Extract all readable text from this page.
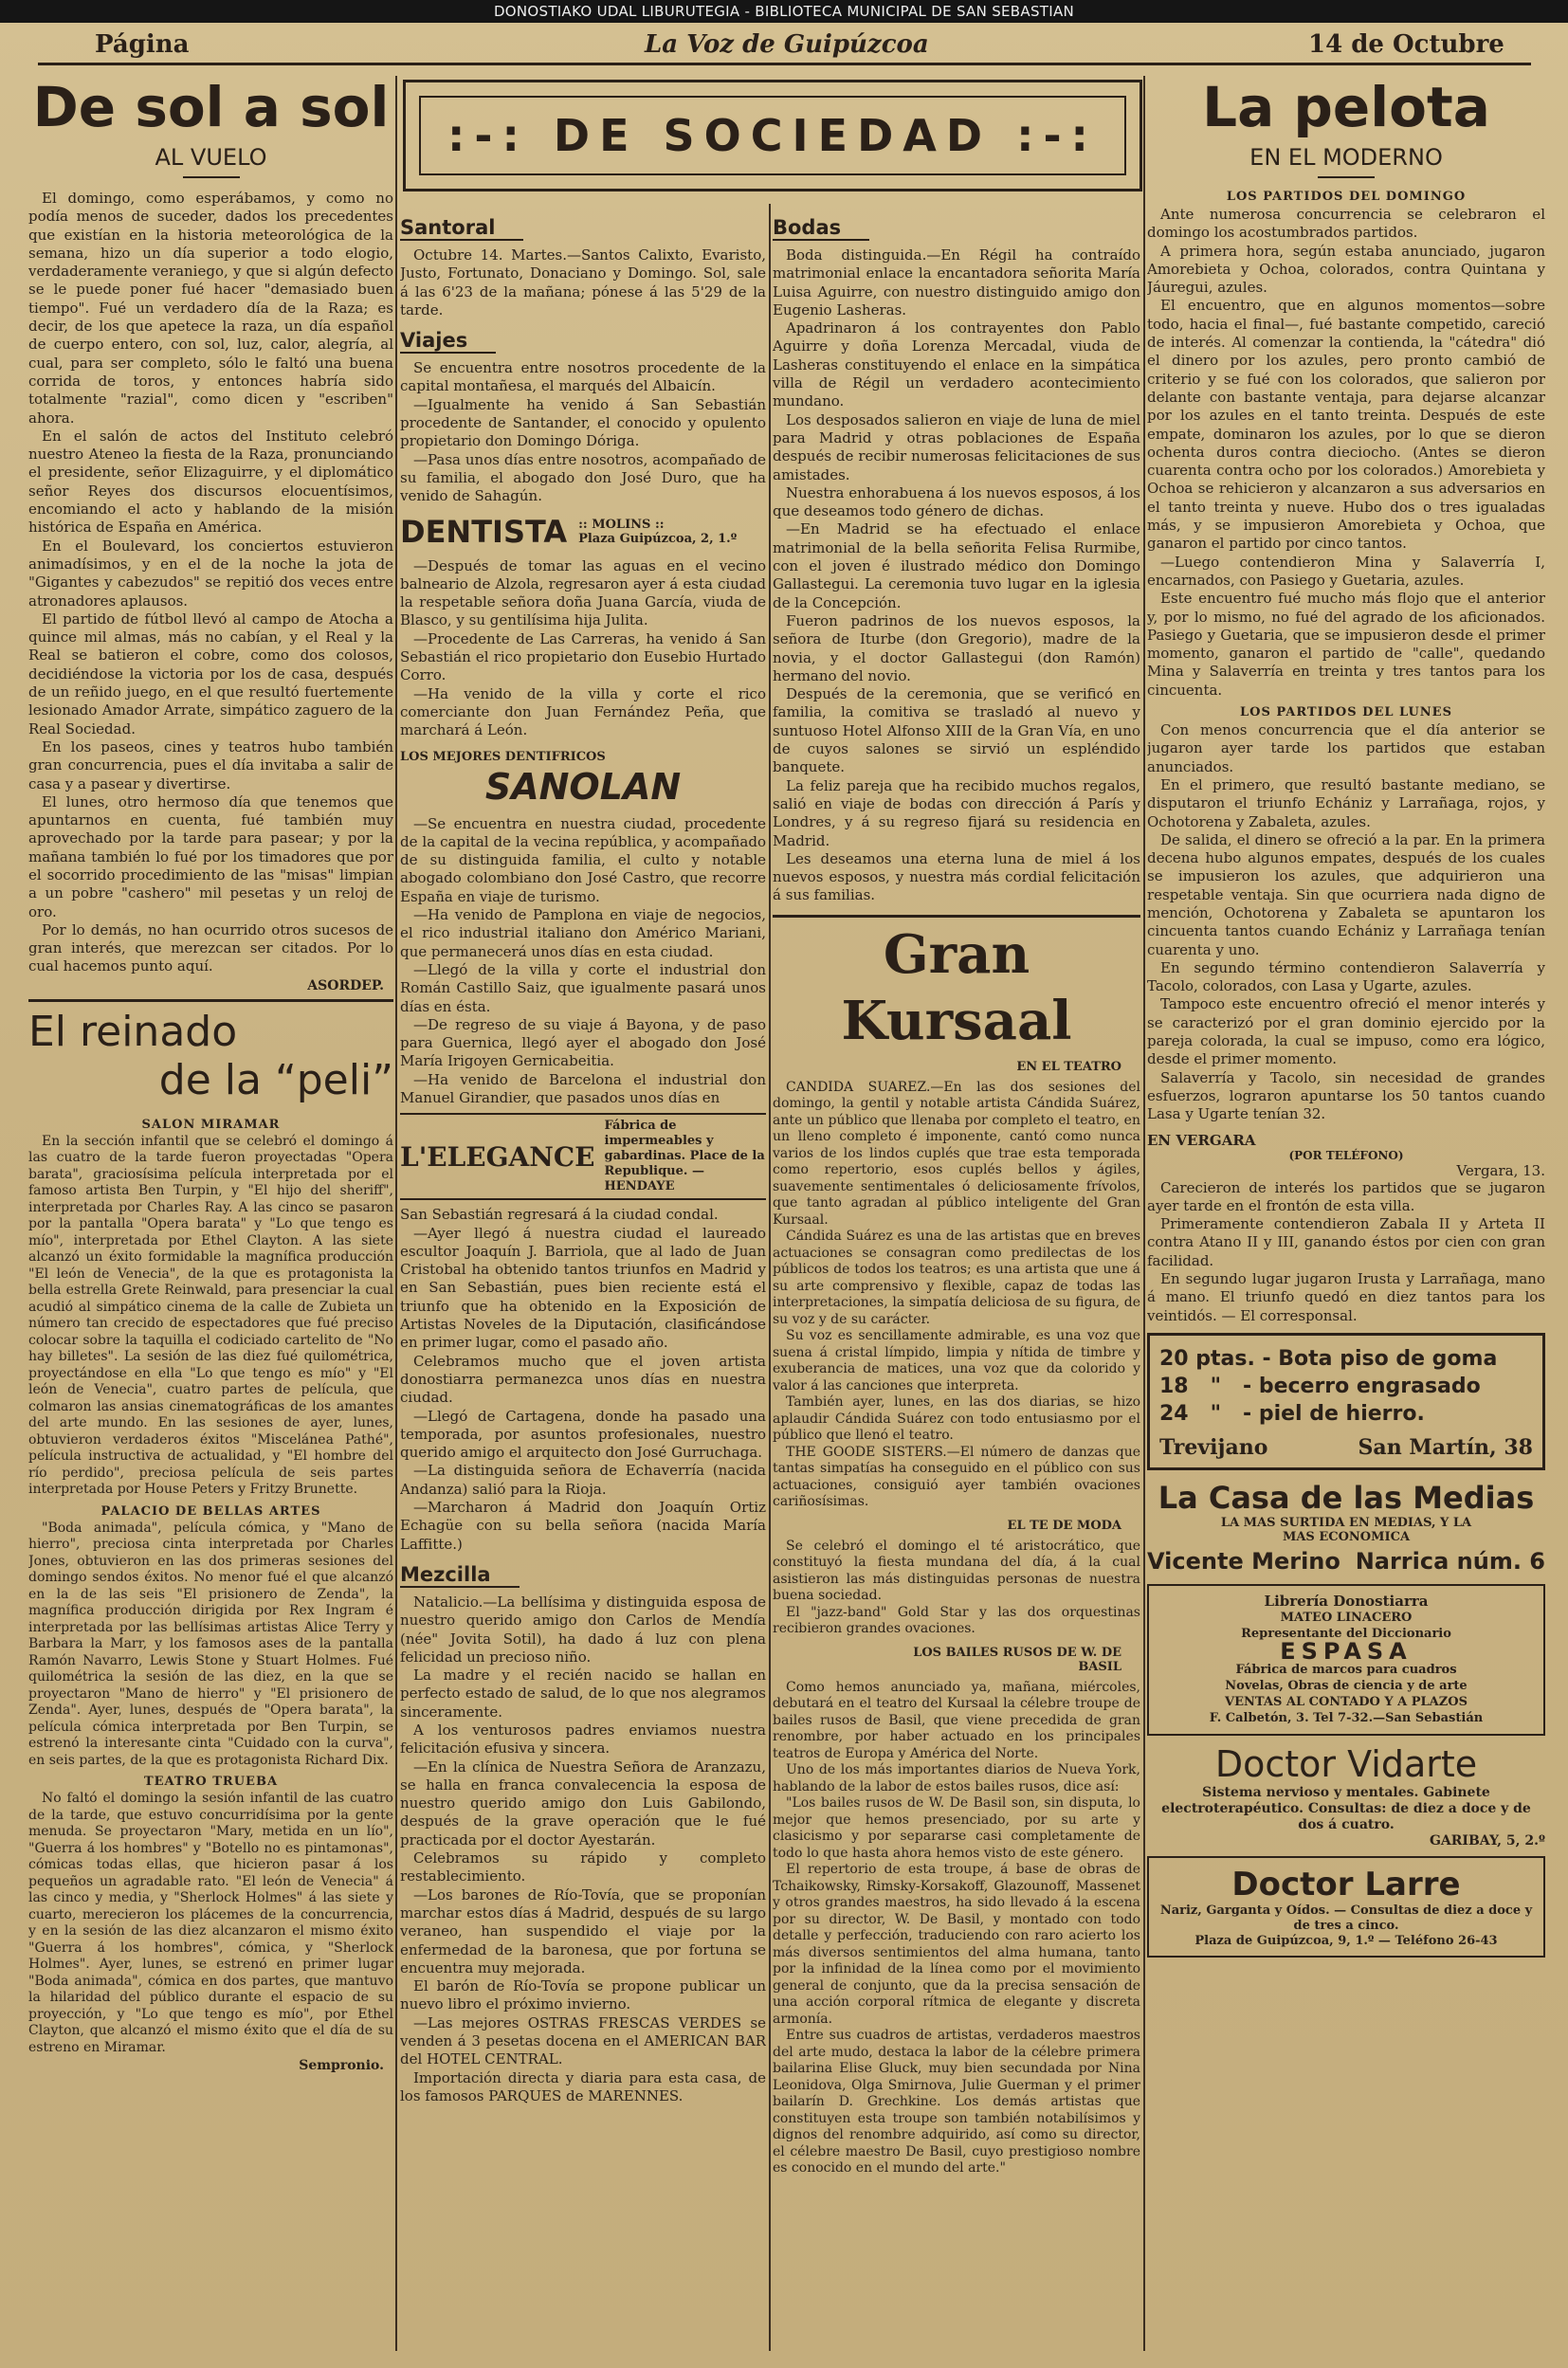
DONOSTIAKO UDAL LIBURUTEGIA - BIBLIOTECA MUNICIPAL DE SAN SEBASTIAN
Página	La Voz de Guipúzcoa	14 de Octubre
:-: DE SOCIEDAD :-:
De sol a sol
AL VUELO

El domingo, como esperábamos, y como no podía menos de suceder, dados los precedentes que existían en la historia meteorológica de la semana, hizo un día superior a todo elogio, verdaderamente veraniego, y que si algún defecto se le puede poner fué hacer "demasiado buen tiempo". Fué un verdadero día de la Raza; es decir, de los que apetece la raza, un día español de cuerpo entero, con sol, luz, calor, alegría, al cual, para ser completo, sólo le faltó una buena corrida de toros, y entonces habría sido totalmente "razial", como dicen y "escriben" ahora.

En el salón de actos del Instituto celebró nuestro Ateneo la fiesta de la Raza, pronunciando el presidente, señor Elizaguirre, y el diplomático señor Reyes dos discursos elocuentísimos, encomiando el acto y hablando de la misión histórica de España en América.

En el Boulevard, los conciertos estuvieron animadísimos, y en el de la noche la jota de "Gigantes y cabezudos" se repitió dos veces entre atronadores aplausos.

El partido de fútbol llevó al campo de Atocha a quince mil almas, más no cabían, y el Real y la Real se batieron el cobre, como dos colosos, decidiéndose la victoria por los de casa, después de un reñido juego, en el que resultó fuertemente lesionado Amador Arrate, simpático zaguero de la Real Sociedad.

En los paseos, cines y teatros hubo también gran concurrencia, pues el día invitaba a salir de casa y a pasear y divertirse.

El lunes, otro hermoso día que tenemos que apuntarnos en cuenta, fué también muy aprovechado por la tarde para pasear; y por la mañana también lo fué por los timadores que por el socorrido procedimiento de las "misas" limpian a un pobre "cashero" mil pesetas y un reloj de oro.

Por lo demás, no han ocurrido otros sucesos de gran interés, que merezcan ser citados. Por lo cual hacemos punto aquí.

ASORDEP.
El reinado
de la “peli”
SALON MIRAMAR

En la sección infantil que se celebró el domingo á las cuatro de la tarde fueron proyectadas "Opera barata", graciosísima película interpretada por el famoso artista Ben Turpin, y "El hijo del sheriff", interpretada por Charles Ray. A las cinco se pasaron por la pantalla "Opera barata" y "Lo que tengo es mío", interpretada por Ethel Clayton. A las siete alcanzó un éxito formidable la magnífica producción "El león de Venecia", de la que es protagonista la bella estrella Grete Reinwald, para presenciar la cual acudió al simpático cinema de la calle de Zubieta un número tan crecido de espectadores que fué preciso colocar sobre la taquilla el codiciado cartelito de "No hay billetes". La sesión de las diez fué quilométrica, proyectándose en ella "Lo que tengo es mío" y "El león de Venecia", cuatro partes de película, que colmaron las ansias cinematográficas de los amantes del arte mundo. En las sesiones de ayer, lunes, obtuvieron verdaderos éxitos "Miscelánea Pathé", película instructiva de actualidad, y "El hombre del río perdido", preciosa película de seis partes interpretada por House Peters y Fritzy Brunette.

PALACIO DE BELLAS ARTES

"Boda animada", película cómica, y "Mano de hierro", preciosa cinta interpretada por Charles Jones, obtuvieron en las dos primeras sesiones del domingo sendos éxitos. No menor fué el que alcanzó en la de las seis "El prisionero de Zenda", la magnífica producción dirigida por Rex Ingram é interpretada por las bellísimas artistas Alice Terry y Barbara la Marr, y los famosos ases de la pantalla Ramón Navarro, Lewis Stone y Stuart Holmes. Fué quilométrica la sesión de las diez, en la que se proyectaron "Mano de hierro" y "El prisionero de Zenda". Ayer, lunes, después de "Opera barata", la película cómica interpretada por Ben Turpin, se estrenó la interesante cinta "Cuidado con la curva", en seis partes, de la que es protagonista Richard Dix.

TEATRO TRUEBA

No faltó el domingo la sesión infantil de las cuatro de la tarde, que estuvo concurridísima por la gente menuda. Se proyectaron "Mary, metida en un lío", "Guerra á los hombres" y "Botello no es pintamonas", cómicas todas ellas, que hicieron pasar á los pequeños un agradable rato. "El león de Venecia" á las cinco y media, y "Sherlock Holmes" á las siete y cuarto, merecieron los plácemes de la concurrencia, y en la sesión de las diez alcanzaron el mismo éxito "Guerra á los hombres", cómica, y "Sherlock Holmes". Ayer, lunes, se estrenó en primer lugar "Boda animada", cómica en dos partes, que mantuvo la hilaridad del público durante el espacio de su proyección, y "Lo que tengo es mío", por Ethel Clayton, que alcanzó el mismo éxito que el día de su estreno en Miramar.

Sempronio.
Santoral

Octubre 14. Martes.—Santos Calixto, Evaristo, Justo, Fortunato, Donaciano y Domingo. Sol, sale á las 6'23 de la mañana; pónese á las 5'29 de la tarde.

Viajes

Se encuentra entre nosotros procedente de la capital montañesa, el marqués del Albaicín.

—Igualmente ha venido á San Sebastián procedente de Santander, el conocido y opulento propietario don Domingo Dóriga.

—Pasa unos días entre nosotros, acompañado de su familia, el abogado don José Duro, que ha venido de Sahagún.

DENTISTA :: MOLINS ::
Plaza Guipúzcoa, 2, 1.º

—Después de tomar las aguas en el vecino balneario de Alzola, regresaron ayer á esta ciudad la respetable señora doña Juana García, viuda de Blasco, y su gentilísima hija Julita.

—Procedente de Las Carreras, ha venido á San Sebastián el rico propietario don Eusebio Hurtado Corro.

—Ha venido de la villa y corte el rico comerciante don Juan Fernández Peña, que marchará á León.

LOS MEJORES DENTIFRICOS
SANOLAN

—Se encuentra en nuestra ciudad, procedente de la capital de la vecina república, y acompañado de su distinguida familia, el culto y notable abogado colombiano don José Castro, que recorre España en viaje de turismo.

—Ha venido de Pamplona en viaje de negocios, el rico industrial italiano don Américo Mariani, que permanecerá unos días en esta ciudad.

—Llegó de la villa y corte el industrial don Román Castillo Saiz, que igualmente pasará unos días en ésta.

—De regreso de su viaje á Bayona, y de paso para Guernica, llegó ayer el abogado don José María Irigoyen Gernicabeitia.

—Ha venido de Barcelona el industrial don Manuel Girandier, que pasados unos días en

L'ELEGANCE
Fábrica de impermeables y gabardinas. Place de la Republique. — HENDAYE

San Sebastián regresará á la ciudad condal.

—Ayer llegó á nuestra ciudad el laureado escultor Joaquín J. Barriola, que al lado de Juan Cristobal ha obtenido tantos triunfos en Madrid y en San Sebastián, pues bien reciente está el triunfo que ha obtenido en la Exposición de Artistas Noveles de la Diputación, clasificándose en primer lugar, como el pasado año.

Celebramos mucho que el joven artista donostiarra permanezca unos días en nuestra ciudad.

—Llegó de Cartagena, donde ha pasado una temporada, por asuntos profesionales, nuestro querido amigo el arquitecto don José Gurruchaga.

—La distinguida señora de Echaverría (nacida Andanza) salió para la Rioja.

—Marcharon á Madrid don Joaquín Ortiz Echagüe con su bella señora (nacida María Laffitte.)

Mezcilla

Natalicio.—La bellísima y distinguida esposa de nuestro querido amigo don Carlos de Mendía (née" Jovita Sotil), ha dado á luz con plena felicidad un precioso niño.

La madre y el recién nacido se hallan en perfecto estado de salud, de lo que nos alegramos sinceramente.

A los venturosos padres enviamos nuestra felicitación efusiva y sincera.

—En la clínica de Nuestra Señora de Aranzazu, se halla en franca convalecencia la esposa de nuestro querido amigo don Luis Gabilondo, después de la grave operación que le fué practicada por el doctor Ayestarán.

Celebramos su rápido y completo restablecimiento.

—Los barones de Río-Tovía, que se proponían marchar estos días á Madrid, después de su largo veraneo, han suspendido el viaje por la enfermedad de la baronesa, que por fortuna se encuentra muy mejorada.

El barón de Río-Tovía se propone publicar un nuevo libro el próximo invierno.

—Las mejores OSTRAS FRESCAS VERDES se venden á 3 pesetas docena en el AMERICAN BAR del HOTEL CENTRAL.

Importación directa y diaria para esta casa, de los famosos PARQUES de MARENNES.

Bodas

Boda distinguida.—En Régil ha contraído matrimonial enlace la encantadora señorita María Luisa Aguirre, con nuestro distinguido amigo don Eugenio Lasheras.

Apadrinaron á los contrayentes don Pablo Aguirre y doña Lorenza Mercadal, viuda de Lasheras constituyendo el enlace en la simpática villa de Régil un verdadero acontecimiento mundano.

Los desposados salieron en viaje de luna de miel para Madrid y otras poblaciones de España después de recibir numerosas felicitaciones de sus amistades.

Nuestra enhorabuena á los nuevos esposos, á los que deseamos todo género de dichas.

—En Madrid se ha efectuado el enlace matrimonial de la bella señorita Felisa Rurmibe, con el joven é ilustrado médico don Domingo Gallastegui. La ceremonia tuvo lugar en la iglesia de la Concepción.

Fueron padrinos de los nuevos esposos, la señora de Iturbe (don Gregorio), madre de la novia, y el doctor Gallastegui (don Ramón) hermano del novio.

Después de la ceremonia, que se verificó en familia, la comitiva se trasladó al nuevo y suntuoso Hotel Alfonso XIII de la Gran Vía, en uno de cuyos salones se sirvió un espléndido banquete.

La feliz pareja que ha recibido muchos regalos, salió en viaje de bodas con dirección á París y Londres, y á su regreso fijará su residencia en Madrid.

Les deseamos una eterna luna de miel á los nuevos esposos, y nuestra más cordial felicitación á sus familias.

Gran Kursaal
EN EL TEATRO

CANDIDA SUAREZ.—En las dos sesiones del domingo, la gentil y notable artista Cándida Suárez, ante un público que llenaba por completo el teatro, en un lleno completo é imponente, cantó como nunca varios de los lindos cuplés que trae esta temporada como repertorio, esos cuplés bellos y ágiles, suavemente sentimentales ó deliciosamente frívolos, que tanto agradan al público inteligente del Gran Kursaal.

Cándida Suárez es una de las artistas que en breves actuaciones se consagran como predilectas de los públicos de todos los teatros; es una artista que une á su arte comprensivo y flexible, capaz de todas las interpretaciones, la simpatía deliciosa de su figura, de su voz y de su carácter.

Su voz es sencillamente admirable, es una voz que suena á cristal límpido, limpia y nítida de timbre y exuberancia de matices, una voz que da colorido y valor á las canciones que interpreta.

También ayer, lunes, en las dos diarias, se hizo aplaudir Cándida Suárez con todo entusiasmo por el público que llenó el teatro.

THE GOODE SISTERS.—El número de danzas que tantas simpatías ha conseguido en el público con sus actuaciones, consiguió ayer también ovaciones cariñosísimas.

EL TE DE MODA

Se celebró el domingo el té aristocrático, que constituyó la fiesta mundana del día, á la cual asistieron las más distinguidas personas de nuestra buena sociedad.

El "jazz-band" Gold Star y las dos orquestinas recibieron grandes ovaciones.

LOS BAILES RUSOS DE W. DE BASIL

Como hemos anunciado ya, mañana, miércoles, debutará en el teatro del Kursaal la célebre troupe de bailes rusos de Basil, que viene precedida de gran renombre, por haber actuado en los principales teatros de Europa y América del Norte.

Uno de los más importantes diarios de Nueva York, hablando de la labor de estos bailes rusos, dice así:

"Los bailes rusos de W. De Basil son, sin disputa, lo mejor que hemos presenciado, por su arte y clasicismo y por separarse casi completamente de todo lo que hasta ahora hemos visto de este género.

El repertorio de esta troupe, á base de obras de Tchaikowsky, Rimsky-Korsakoff, Glazounoff, Massenet y otros grandes maestros, ha sido llevado á la escena por su director, W. De Basil, y montado con todo detalle y perfección, traduciendo con raro acierto los más diversos sentimientos del alma humana, tanto por la infinidad de la línea como por el movimiento general de conjunto, que da la precisa sensación de una acción corporal rítmica de elegante y discreta armonía.

Entre sus cuadros de artistas, verdaderos maestros del arte mudo, destaca la labor de la célebre primera bailarina Elise Gluck, muy bien secundada por Nina Leonidova, Olga Smirnova, Julie Guerman y el primer bailarín D. Grechkine. Los demás artistas que constituyen esta troupe son también notabilísimos y dignos del renombre adquirido, así como su director, el célebre maestro De Basil, cuyo prestigioso nombre es conocido en el mundo del arte."

La pelota
EN EL MODERNO
LOS PARTIDOS DEL DOMINGO

Ante numerosa concurrencia se celebraron el domingo los acostumbrados partidos.

A primera hora, según estaba anunciado, jugaron Amorebieta y Ochoa, colorados, contra Quintana y Jáuregui, azules.

El encuentro, que en algunos momentos—sobre todo, hacia el final—, fué bastante competido, careció de interés. Al comenzar la contienda, la "cátedra" dió el dinero por los azules, pero pronto cambió de criterio y se fué con los colorados, que salieron por delante con bastante ventaja, para dejarse alcanzar por los azules en el tanto treinta. Después de este empate, dominaron los azules, por lo que se dieron ochenta duros contra dieciocho. (Antes se dieron cuarenta contra ocho por los colorados.) Amorebieta y Ochoa se rehicieron y alcanzaron a sus adversarios en el tanto treinta y nueve. Hubo dos o tres igualadas más, y se impusieron Amorebieta y Ochoa, que ganaron el partido por cinco tantos.

—Luego contendieron Mina y Salaverría I, encarnados, con Pasiego y Guetaria, azules.

Este encuentro fué mucho más flojo que el anterior y, por lo mismo, no fué del agrado de los aficionados. Pasiego y Guetaria, que se impusieron desde el primer momento, ganaron el partido de "calle", quedando Mina y Salaverría en treinta y tres tantos para los cincuenta.

LOS PARTIDOS DEL LUNES

Con menos concurrencia que el día anterior se jugaron ayer tarde los partidos que estaban anunciados.

En el primero, que resultó bastante mediano, se disputaron el triunfo Echániz y Larrañaga, rojos, y Ochotorena y Zabaleta, azules.

De salida, el dinero se ofreció a la par. En la primera decena hubo algunos empates, después de los cuales se impusieron los azules, que adquirieron una respetable ventaja. Sin que ocurriera nada digno de mención, Ochotorena y Zabaleta se apuntaron los cincuenta tantos cuando Echániz y Larrañaga tenían cuarenta y uno.

En segundo término contendieron Salaverría y Tacolo, colorados, con Lasa y Ugarte, azules.

Tampoco este encuentro ofreció el menor interés y se caracterizó por el gran dominio ejercido por la pareja colorada, la cual se impuso, como era lógico, desde el primer momento.

Salaverría y Tacolo, sin necesidad de grandes esfuerzos, lograron apuntarse los 50 tantos cuando Lasa y Ugarte tenían 32.

EN VERGARA
(POR TELÉFONO)
Vergara, 13.

Carecieron de interés los partidos que se jugaron ayer tarde en el frontón de esta villa.

Primeramente contendieron Zabala II y Arteta II contra Atano II y III, ganando éstos por cien con gran facilidad.

En segundo lugar jugaron Irusta y Larrañaga, mano á mano. El triunfo quedó en diez tantos para los veintidós. — El corresponsal.

20 ptas. - Bota piso de goma
18   "   - becerro engrasado
24   "   - piel de hierro.
Trevijano	San Martín, 38
La Casa de las Medias
LA MAS SURTIDA EN MEDIAS, Y LA
MAS ECONOMICA
Vicente Merino Narrica núm. 6
Librería Donostiarra
MATEO LINACERO
Representante del Diccionario
ESPASA
Fábrica de marcos para cuadros
Novelas, Obras de ciencia y de arte
VENTAS AL CONTADO Y A PLAZOS
F. Calbetón, 3. Tel 7-32.—San Sebastián
Doctor Vidarte
Sistema nervioso y mentales. Gabinete electroterapéutico. Consultas: de diez a doce y de dos á cuatro.
GARIBAY, 5, 2.º
Doctor Larre
Nariz, Garganta y Oídos. — Consultas de diez a doce y de tres a cinco.
Plaza de Guipúzcoa, 9, 1.º — Teléfono 26-43
